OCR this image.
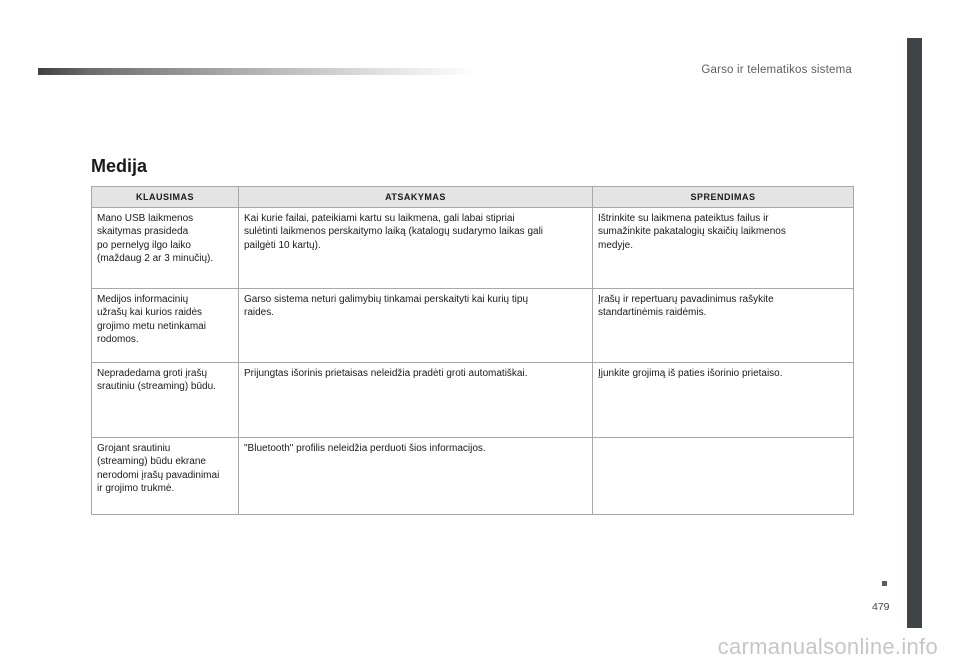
Garso ir telematikos sistema
479
Medija
KLAUSIMAS	ATSAKYMAS	SPRENDIMAS

Mano USB laikmenos
skaitymas prasideda
po pernelyg ilgo laiko
(maždaug 2 ar 3 minučių).	Kai kurie failai, pateikiami kartu su laikmena, gali labai stipriai
sulėtinti laikmenos perskaitymo laiką (katalogų sudarymo laikas gali
pailgėti 10 kartų).	Ištrinkite su laikmena pateiktus failus ir
sumažinkite pakatalogių skaičių laikmenos
medyje.

Medijos informacinių
užrašų kai kurios raidės
grojimo metu netinkamai
rodomos.	Garso sistema neturi galimybių tinkamai perskaityti kai kurių tipų
raides.	Įrašų ir repertuarų pavadinimus rašykite
standartinėmis raidėmis.

Nepradedama groti įrašų
srautiniu (streaming) būdu.	Prijungtas išorinis prietaisas neleidžia pradėti groti automatiškai.	Įjunkite grojimą iš paties išorinio prietaiso.

Grojant srautiniu
(streaming) būdu ekrane
nerodomi įrašų pavadinimai
ir grojimo trukmė.	"Bluetooth" profilis neleidžia perduoti šios informacijos.	

carmanualsonline.info
